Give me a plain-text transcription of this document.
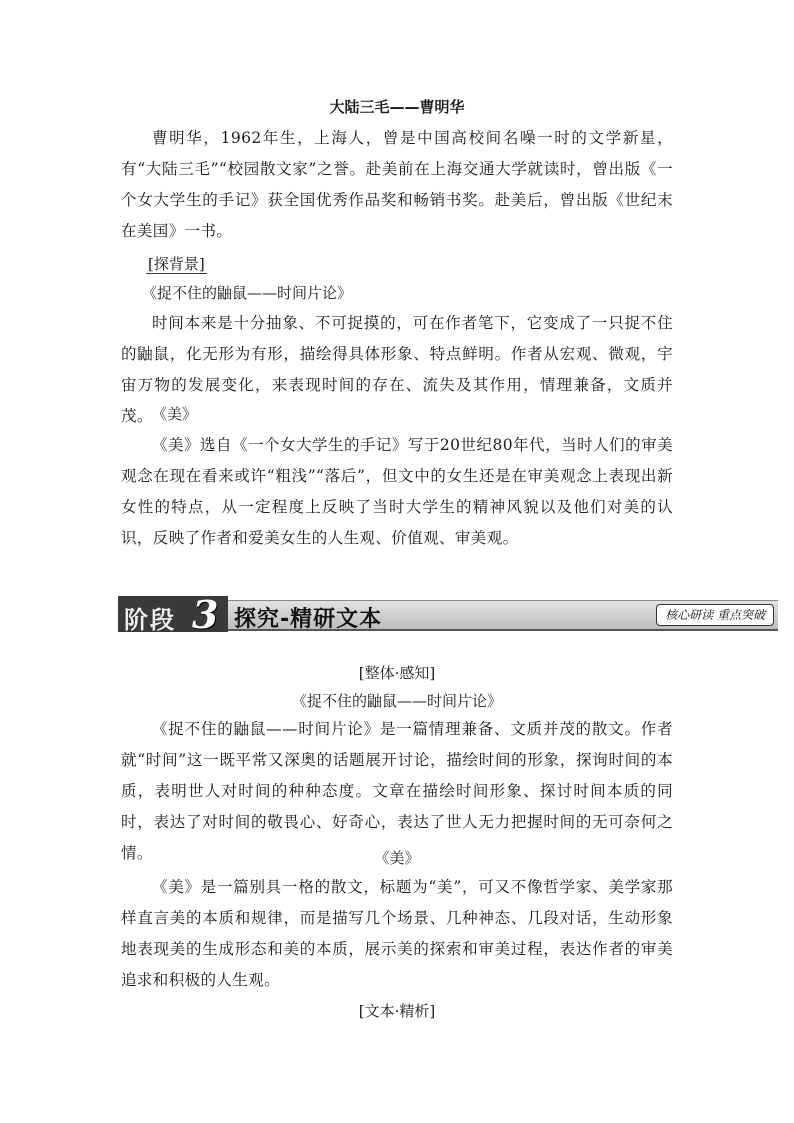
大陆三毛——曹明华

曹明华，1962年生，上海人，曾是中国高校间名噪一时的文学新星，有“大陆三毛”“校园散文家”之誉。赴美前在上海交通大学就读时，曾出版《一个女大学生的手记》获全国优秀作品奖和畅销书奖。赴美后，曾出版《世纪末在美国》一书。

[探背景]
《捉不住的鼬鼠——时间片论》

时间本来是十分抽象、不可捉摸的，可在作者笔下，它变成了一只捉不住的鼬鼠，化无形为有形，描绘得具体形象、特点鲜明。作者从宏观、微观，宇宙万物的发展变化，来表现时间的存在、流失及其作用，情理兼备，文质并茂。 《美》

《美》选自《一个女大学生的手记》写于20世纪80年代，当时人们的审美观念在现在看来或许“粗浅”“落后”，但文中的女生还是在审美观念上表现出新女性的特点，从一定程度上反映了当时大学生的精神风貌以及他们对美的认识，反映了作者和爱美女生的人生观、价值观、审美观。

阶段 3 探究-精研文本	核心研读 重点突破
[整体·感知]
《捉不住的鼬鼠——时间片论》

《捉不住的鼬鼠——时间片论》是一篇情理兼备、文质并茂的散文。作者就“时间”这一既平常又深奥的话题展开讨论，描绘时间的形象，探询时间的本质，表明世人对时间的种种态度。文章在描绘时间形象、探讨时间本质的同时，表达了对时间的敬畏心、好奇心，表达了世人无力把握时间的无可奈何之情。	《美》

《美》是一篇别具一格的散文，标题为“美”，可又不像哲学家、美学家那样直言美的本质和规律，而是描写几个场景、几种神态、几段对话，生动形象地表现美的生成形态和美的本质，展示美的探索和审美过程，表达作者的审美追求和积极的人生观。

[文本·精析]
